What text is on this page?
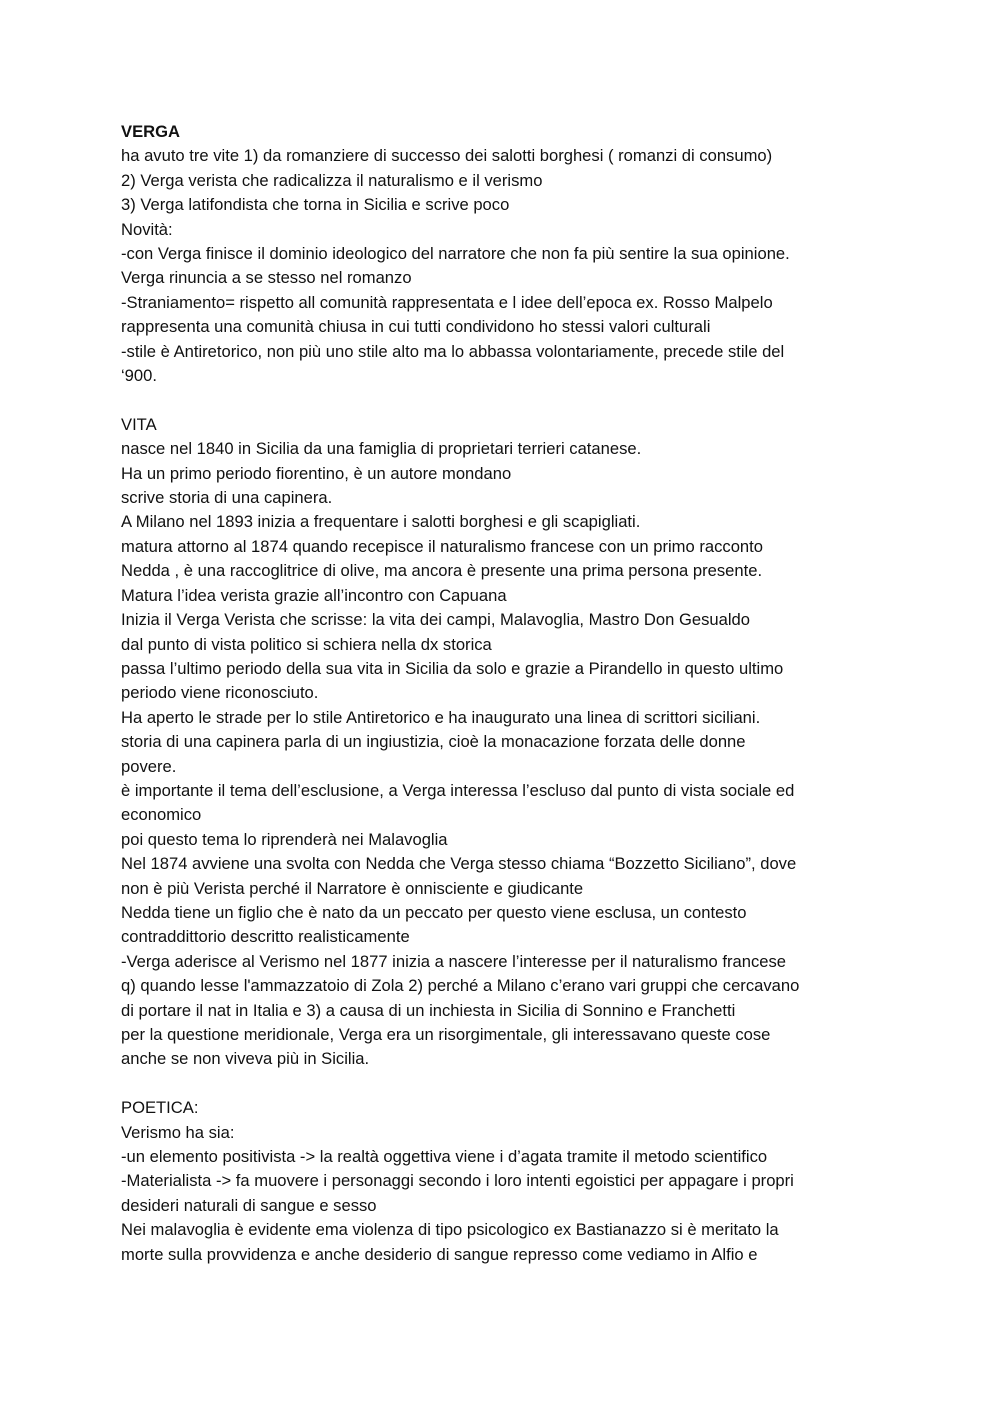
VERGA
ha avuto tre vite 1) da romanziere di successo dei salotti borghesi ( romanzi di consumo)
2) Verga verista che radicalizza il naturalismo e il verismo
3) Verga latifondista che torna in Sicilia e scrive poco
Novità:
-con Verga finisce il dominio ideologico del narratore che non fa più sentire la sua opinione.
Verga rinuncia a se stesso nel romanzo
-Straniamento= rispetto all comunità rappresentata e l idee dell’epoca ex. Rosso Malpelo
rappresenta una comunità chiusa in cui tutti condividono ho stessi valori culturali
-stile è Antiretorico, non più uno stile alto ma lo abbassa volontariamente, precede stile del
‘900.
VITA
nasce nel 1840 in Sicilia da una famiglia di proprietari terrieri catanese.
Ha un primo periodo fiorentino, è un autore mondano
scrive storia di una capinera.
A Milano nel 1893 inizia a frequentare i salotti borghesi e gli scapigliati.
matura attorno al 1874 quando recepisce il naturalismo francese con un primo racconto
Nedda , è una raccoglitrice di olive, ma ancora è presente una prima persona presente.
Matura l’idea verista grazie all’incontro con Capuana
Inizia il Verga Verista che scrisse: la vita dei campi, Malavoglia, Mastro Don Gesualdo
dal punto di vista politico si schiera nella dx storica
passa l’ultimo periodo della sua vita in Sicilia da solo e grazie a Pirandello in questo ultimo
periodo viene riconosciuto.
Ha aperto le strade per lo stile Antiretorico e ha inaugurato una linea di scrittori siciliani.
storia di una capinera parla di un ingiustizia, cioè la monacazione forzata delle donne
povere.
è importante il tema dell’esclusione, a Verga interessa l’escluso dal punto di vista sociale ed
economico
poi questo tema lo riprenderà nei Malavoglia
Nel 1874 avviene una svolta con Nedda che Verga stesso chiama “Bozzetto Siciliano”, dove
non è più Verista perché il Narratore è onnisciente e giudicante
Nedda tiene un figlio che è nato da un peccato per questo viene esclusa, un contesto
contraddittorio descritto realisticamente
-Verga aderisce al Verismo nel 1877 inizia a nascere l’interesse per il naturalismo francese
q) quando lesse l'ammazzatoio di Zola 2) perché a Milano c’erano vari gruppi che cercavano
di portare il nat in Italia e 3) a causa di un inchiesta in Sicilia di Sonnino e Franchetti
per la questione meridionale, Verga era un risorgimentale, gli interessavano queste cose
anche se non viveva più in Sicilia.
POETICA:
Verismo ha sia:
-un elemento positivista -> la realtà oggettiva viene i d’agata tramite il metodo scientifico
-Materialista -> fa muovere i personaggi secondo i loro intenti egoistici per appagare i propri
desideri naturali di sangue e sesso
Nei malavoglia è evidente ema violenza di tipo psicologico ex Bastianazzo si è meritato la
morte sulla provvidenza e anche desiderio di sangue represso come vediamo in Alfio e
